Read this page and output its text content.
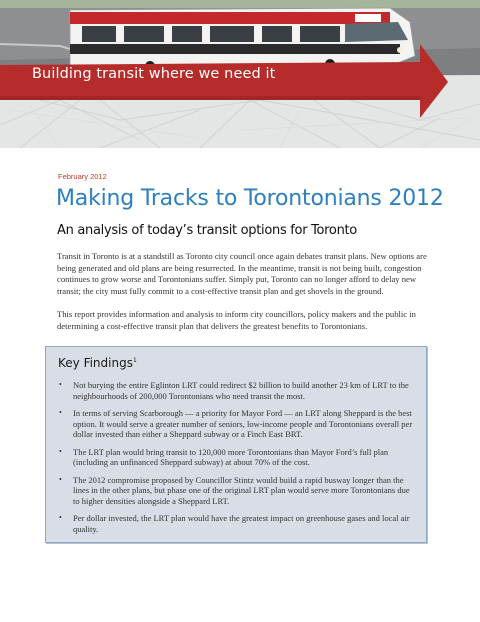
Building transit where we need it
February 2012
Making Tracks to Torontonians 2012
An analysis of today’s transit options for Toronto

Transit in Toronto is at a standstill as Toronto city council once again debates transit plans. New options are being generated and old plans are being resurrected. In the meantime, transit is not being built, congestion continues to grow worse and Torontonians suffer. Simply put, Toronto can no longer afford to delay new transit; the city must fully commit to a cost-effective transit plan and get shovels in the ground.

This report provides information and analysis to inform city councillors, policy makers and the public in determining a cost-effective transit plan that delivers the greatest benefits to Torontonians.

Key Findings$^1$
• Not burying the entire Eglinton LRT could redirect $2 billion to build another 23 km of LRT to the neighbourhoods of 200,000 Torontonians who need transit the most.
• In terms of serving Scarborough — a priority for Mayor Ford — an LRT along Sheppard is the best option. It would serve a greater number of seniors, low-income people and Torontonians overall per dollar invested than either a Sheppard subway or a Finch East BRT.
• The LRT plan would bring transit to 120,000 more Torontonians than Mayor Ford’s full plan (including an unfinanced Sheppard subway) at about 70% of the cost.
• The 2012 compromise proposed by Councillor Stintz would build a rapid busway longer than the lines in the other plans, but phase one of the original LRT plan would serve more Torontonians due to higher densities alongside a Sheppard LRT.
• Per dollar invested, the LRT plan would have the greatest impact on greenhouse gases and local air quality.
